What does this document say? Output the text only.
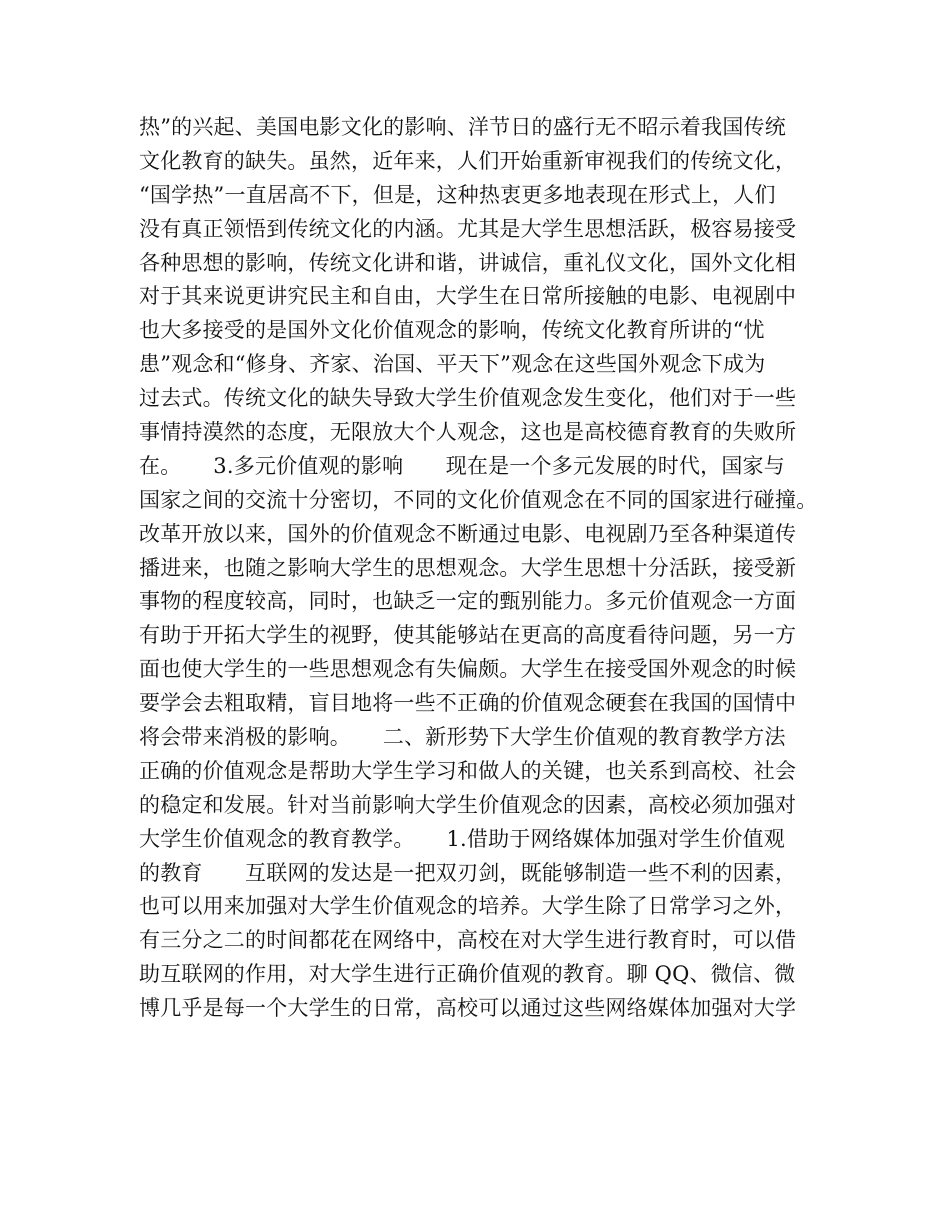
热”的兴起、美国电影文化的影响、洋节日的盛行无不昭示着我国传统
文化教育的缺失。虽然，近年来，人们开始重新审视我们的传统文化，
“国学热”一直居高不下，但是，这种热衷更多地表现在形式上，人们
没有真正领悟到传统文化的内涵。尤其是大学生思想活跃，极容易接受
各种思想的影响，传统文化讲和谐，讲诚信，重礼仪文化，国外文化相
对于其来说更讲究民主和自由，大学生在日常所接触的电影、电视剧中
也大多接受的是国外文化价值观念的影响，传统文化教育所讲的“忧
患”观念和“修身、齐家、治国、平天下”观念在这些国外观念下成为
过去式。传统文化的缺失导致大学生价值观念发生变化，他们对于一些
事情持漠然的态度，无限放大个人观念，这也是高校德育教育的失败所
在。　　3.多元价值观的影响　　现在是一个多元发展的时代，国家与
国家之间的交流十分密切，不同的文化价值观念在不同的国家进行碰撞。
改革开放以来，国外的价值观念不断通过电影、电视剧乃至各种渠道传
播进来，也随之影响大学生的思想观念。大学生思想十分活跃，接受新
事物的程度较高，同时，也缺乏一定的甄别能力。多元价值观念一方面
有助于开拓大学生的视野，使其能够站在更高的高度看待问题，另一方
面也使大学生的一些思想观念有失偏颇。大学生在接受国外观念的时候
要学会去粗取精，盲目地将一些不正确的价值观念硬套在我国的国情中
将会带来消极的影响。　　二、新形势下大学生价值观的教育教学方法
正确的价值观念是帮助大学生学习和做人的关键，也关系到高校、社会
的稳定和发展。针对当前影响大学生价值观念的因素，高校必须加强对
大学生价值观念的教育教学。　　1.借助于网络媒体加强对学生价值观
的教育　　互联网的发达是一把双刃剑，既能够制造一些不利的因素，
也可以用来加强对大学生价值观念的培养。大学生除了日常学习之外，
有三分之二的时间都花在网络中，高校在对大学生进行教育时，可以借
助互联网的作用，对大学生进行正确价值观的教育。聊 QQ、微信、微
博几乎是每一个大学生的日常，高校可以通过这些网络媒体加强对大学
